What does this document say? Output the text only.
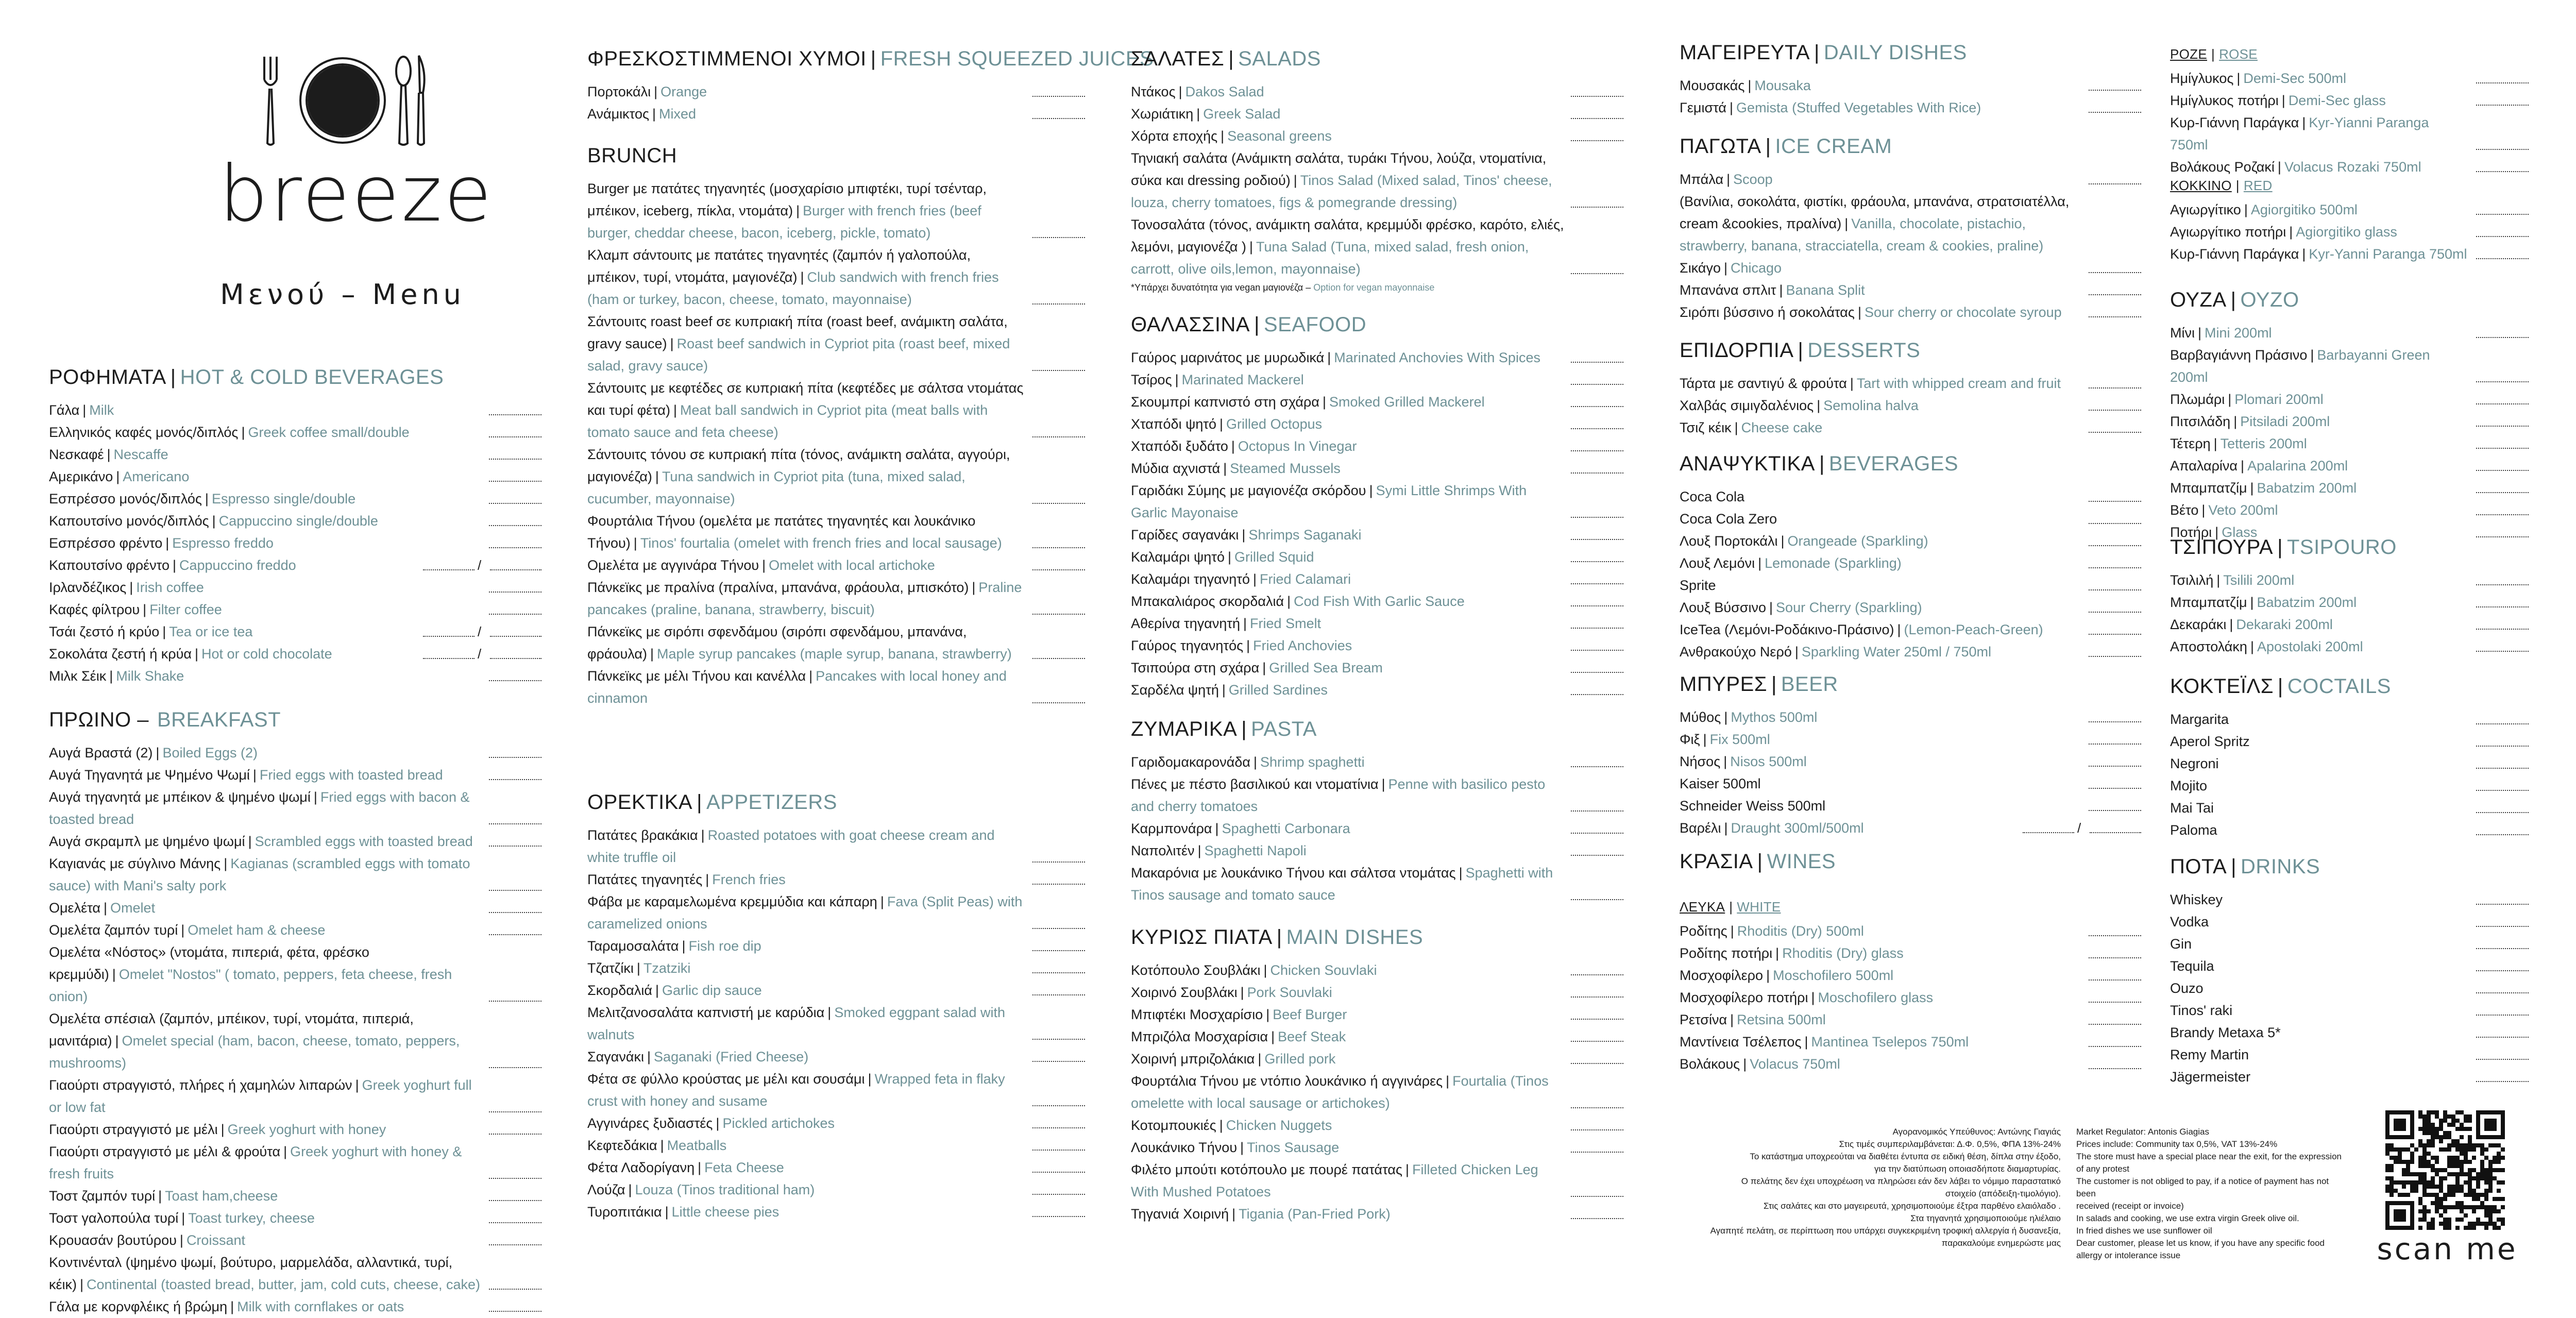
breeze
Μενού – Menu
ΡΟΦΗΜΑΤΑ | HOT & COLD BEVERAGES
Γάλα | Milk
Ελληνικός καφές μονός/διπλός | Greek coffee small/double
Νεσκαφέ | Nescaffe
Αμερικάνο | Americano
Εσπρέσσο μονός/διπλός | Espresso single/double
Καπουτσίνο μονός/διπλός | Cappuccino single/double
Εσπρέσσο φρέντο | Espresso freddo
Καπουτσίνο φρέντο | Cappuccino freddo	/
Ιρλανδέζικος | Irish coffee
Καφές φίλτρου | Filter coffee
Τσάι ζεστό ή κρύο | Tea or ice tea	/
Σοκολάτα ζεστή ή κρύα | Hot or cold chocolate	/
Μιλκ Σέικ | Milk Shake
ΠΡΩΙΝΟ – BREAKFAST
Αυγά Βραστά (2) | Boiled Eggs (2)
Αυγά Τηγανητά με Ψημένο Ψωμί | Fried eggs with toasted bread
Αυγά τηγανητά με μπέικον & ψημένο ψωμί | Fried eggs with bacon & toasted bread
Αυγά σκραμπλ με ψημένο ψωμί | Scrambled eggs with toasted bread
Καγιανάς με σύγλινο Μάνης | Kagianas (scrambled eggs with tomato sauce) with Mani's salty pork
Ομελέτα | Omelet
Ομελέτα ζαμπόν τυρί | Omelet ham & cheese
Ομελέτα «Νόστος» (ντομάτα, πιπεριά, φέτα, φρέσκο κρεμμύδι) | Omelet "Nostos" ( tomato, peppers, feta cheese, fresh onion)
Ομελέτα σπέσιαλ (ζαμπόν, μπέικον, τυρί, ντομάτα, πιπεριά, μανιτάρια) | Omelet special (ham, bacon, cheese, tomato, peppers, mushrooms)
Γιαούρτι στραγγιστό, πλήρες ή χαμηλών λιπαρών | Greek yoghurt full or low fat
Γιαούρτι στραγγιστό με μέλι | Greek yoghurt with honey
Γιαούρτι στραγγιστό με μέλι & φρούτα | Greek yoghurt with honey & fresh fruits
Τοστ ζαμπόν τυρί | Toast ham,cheese
Τοστ γαλοπούλα τυρί | Toast turkey, cheese
Κρουασάν βουτύρου | Croissant
Κοντινένταλ (ψημένο ψωμί, βούτυρο, μαρμελάδα, αλλαντικά, τυρί, κέικ) | Continental (toasted bread, butter, jam, cold cuts, cheese, cake)
Γάλα με κορνφλέικς ή βρώμη | Milk with cornflakes or oats
ΦΡΕΣΚΟΣΤΙΜΜΕΝΟΙ ΧΥΜΟΙ | FRESH SQUEEZED JUICES
Πορτοκάλι | Orange
Ανάμικτος | Mixed
BRUNCH
Burger με πατάτες τηγανητές (μοσχαρίσιο μπιφτέκι, τυρί τσένταρ, μπέικον, iceberg, πίκλα, ντομάτα) | Burger with french fries (beef burger, cheddar cheese, bacon, iceberg, pickle, tomato)
Κλαμπ σάντουιτς με πατάτες τηγανητές (ζαμπόν ή γαλοπούλα, μπέικον, τυρί, ντομάτα, μαγιονέζα) | Club sandwich with french fries (ham or turkey, bacon, cheese, tomato, mayonnaise)
Σάντουιτς roast beef σε κυπριακή πίτα (roast beef, ανάμικτη σαλάτα, gravy sauce) | Roast beef sandwich in Cypriot pita (roast beef, mixed salad, gravy sauce)
Σάντουιτς με κεφτέδες σε κυπριακή πίτα (κεφτέδες με σάλτσα ντομάτας και τυρί φέτα) | Meat ball sandwich in Cypriot pita (meat balls with tomato sauce and feta cheese)
Σάντουιτς τόνου σε κυπριακή πίτα (τόνος, ανάμικτη σαλάτα, αγγούρι, μαγιονέζα) | Tuna sandwich in Cypriot pita (tuna, mixed salad, cucumber, mayonnaise)
Φουρτάλια Τήνου (ομελέτα με πατάτες τηγανητές και λουκάνικο Τήνου) | Tinos' fourtalia (omelet with french fries and local sausage)
Ομελέτα με αγγινάρα Τήνου | Omelet with local artichoke
Πάνκεϊκς με πραλίνα (πραλίνα, μπανάνα, φράουλα, μπισκότο) | Praline pancakes (praline, banana, strawberry, biscuit)
Πάνκεϊκς με σιρόπι σφενδάμου (σιρόπι σφενδάμου, μπανάνα, φράουλα) | Maple syrup pancakes (maple syrup, banana, strawberry)
Πάνκεϊκς με μέλι Τήνου και κανέλλα | Pancakes with local honey and cinnamon
ΟΡΕΚΤΙΚΑ | APPETIZERS
Πατάτες βρακάκια | Roasted potatoes with goat cheese cream and white truffle oil
Πατάτες τηγανητές | French fries
Φάβα με καραμελωμένα κρεμμύδια και κάπαρη | Fava (Split Peas) with caramelized onions
Ταραμοσαλάτα | Fish roe dip
Τζατζίκι | Tzatziki
Σκορδαλιά | Garlic dip sauce
Μελιτζανοσαλάτα καπνιστή με καρύδια | Smoked eggpant salad with walnuts
Σαγανάκι | Saganaki (Fried Cheese)
Φέτα σε φύλλο κρούστας με μέλι και σουσάμι | Wrapped feta in flaky crust with honey and susame
Αγγινάρες ξυδιαστές | Pickled artichokes
Κεφτεδάκια | Meatballs
Φέτα Λαδορίγανη | Feta Cheese
Λούζα | Louza (Tinos traditional ham)
Τυροπιτάκια | Little cheese pies
ΣΑΛΑΤΕΣ | SALADS
Ντάκος | Dakos Salad
Χωριάτικη | Greek Salad
Χόρτα εποχής | Seasonal greens
Τηνιακή σαλάτα (Ανάμικτη σαλάτα, τυράκι Τήνου, λούζα, ντοματίνια, σύκα και dressing ροδιού) | Tinos Salad (Mixed salad, Tinos' cheese, louza, cherry tomatoes, figs & pomegrande dressing)
Τονοσαλάτα (τόνος, ανάμικτη σαλάτα, κρεμμύδι φρέσκο, καρότο, ελιές, λεμόνι, μαγιονέζα ) | Tuna Salad (Tuna, mixed salad, fresh onion, carrott, olive oils,lemon, mayonnaise)
*Υπάρχει δυνατότητα για vegan μαγιονέζα – Option for vegan mayonnaise
ΘΑΛΑΣΣΙΝΑ | SEAFOOD
Γαύρος μαρινάτος με μυρωδικά | Marinated Anchovies With Spices
Τσίρος | Marinated Mackerel
Σκουμπρί καπνιστό στη σχάρα | Smoked Grilled Mackerel
Χταπόδι ψητό | Grilled Octopus
Χταπόδι ξυδάτο | Octopus In Vinegar
Μύδια αχνιστά | Steamed Mussels
Γαριδάκι Σύμης με μαγιονέζα σκόρδου | Symi Little Shrimps With Garlic Mayonaise
Γαρίδες σαγανάκι | Shrimps Saganaki
Καλαμάρι ψητό | Grilled Squid
Καλαμάρι τηγανητό | Fried Calamari
Μπακαλιάρος σκορδαλιά | Cod Fish With Garlic Sauce
Αθερίνα τηγανητή | Fried Smelt
Γαύρος τηγανητός | Fried Anchovies
Τσιπούρα στη σχάρα | Grilled Sea Bream
Σαρδέλα ψητή | Grilled Sardines
ΖΥΜΑΡΙΚΑ | PASTA
Γαριδομακαρονάδα | Shrimp spaghetti
Πένες με πέστο βασιλικού και ντοματίνια | Penne with basilico pesto and cherry tomatoes
Καρμπονάρα | Spaghetti Carbonara
Ναπολιτέν | Spaghetti Napoli
Μακαρόνια με λουκάνικο Τήνου και σάλτσα ντομάτας | Spaghetti with Tinos sausage and tomato sauce
ΚΥΡΙΩΣ ΠΙΑΤΑ | MAIN DISHES
Κοτόπουλο Σουβλάκι | Chicken Souvlaki
Χοιρινό Σουβλάκι | Pork Souvlaki
Μπιφτέκι Μοσχαρίσιο | Beef Burger
Μπριζόλα Μοσχαρίσια | Beef Steak
Χοιρινή μπριζολάκια | Grilled pork
Φουρτάλια Τήνου με ντόπιο λουκάνικο ή αγγινάρες | Fourtalia (Tinos omelette with local sausage or artichokes)
Κοτομπουκιές | Chicken Nuggets
Λουκάνικο Τήνου | Tinos Sausage
Φιλέτο μπούτι κοτόπουλο με πουρέ πατάτας | Filleted Chicken Leg With Mushed Potatoes
Τηγανιά Χοιρινή | Tigania (Pan-Fried Pork)
ΜΑΓΕΙΡΕΥΤΑ | DAILY DISHES
Μουσακάς | Mousaka
Γεμιστά | Gemista (Stuffed Vegetables With Rice)
ΠΑΓΩΤΑ | ICE CREAM
Μπάλα | Scoop
(Βανίλια, σοκολάτα, φιστίκι, φράουλα, μπανάνα, στρατσιατέλλα, cream &cookies, πραλίνα) | Vanilla, chocolate, pistachio, strawberry, banana, stracciatella, cream & cookies, praline)
Σικάγο | Chicago
Μπανάνα σπλιτ | Banana Split
Σιρόπι βύσσινο ή σοκολάτας | Sour cherry or chocolate syroup
ΕΠΙΔΟΡΠΙΑ | DESSERTS
Τάρτα με σαντιγύ & φρούτα | Tart with whipped cream and fruit
Χαλβάς σιμιγδαλένιος | Semolina halva
Τσιζ κέικ | Cheese cake
ΑΝΑΨΥΚΤΙΚΑ | BEVERAGES
Coca Cola
Coca Cola Zero
Λουξ Πορτοκάλι | Orangeade (Sparkling)
Λουξ Λεμόνι | Lemonade (Sparkling)
Sprite
Λουξ Βύσσινο | Sour Cherry (Sparkling)
IceTea (Λεμόνι-Ροδάκινο-Πράσινο) | (Lemon-Peach-Green)
Ανθρακούχο Νερό | Sparkling Water 250ml / 750ml
ΜΠΥΡΕΣ | BEER
Μύθος | Mythos 500ml
Φιξ | Fix 500ml
Νήσος | Nisos 500ml
Kaiser 500ml
Schneider Weiss 500ml
Βαρέλι | Draught 300ml/500ml	/
ΚΡΑΣΙΑ | WINES
ΛΕΥΚΑ | WHITE
Ροδίτης | Rhoditis (Dry) 500ml
Ροδίτης ποτήρι | Rhoditis (Dry) glass
Μοσχοφίλερο | Moschofilero 500ml
Μοσχοφίλερο ποτήρι | Moschofilero glass
Ρετσίνα | Retsina 500ml
Μαντίνεια Τσέλεπος | Mantinea Tselepos 750ml
Βολάκους | Volacus 750ml
ΡΟΖΕ | ROSE
Ημίγλυκος | Demi-Sec 500ml
Ημίγλυκος ποτήρι | Demi-Sec glass
Κυρ-Γιάννη Παράγκα | Kyr-Yianni Paranga 750ml
Βολάκους Ροζακί | Volacus Rozaki 750ml
ΚΟΚΚΙΝΟ | RED
Αγιωργίτικο | Agiorgitiko 500ml
Αγιωργίτικο ποτήρι | Agiorgitiko glass
Κυρ-Γιάννη Παράγκα | Kyr-Yanni Paranga 750ml
ΟΥΖΑ | ΟΥΖΟ
Μίνι | Mini 200ml
Βαρβαγιάννη Πράσινο | Barbayanni Green 200ml
Πλωμάρι | Plomari 200ml
Πιτσιλάδη | Pitsiladi 200ml
Τέτερη | Tetteris 200ml
Απαλαρίνα | Apalarina 200ml
Μπαμπατζίμ | Babatzim 200ml
Βέτο | Veto 200ml
Ποτήρι | Glass
ΤΣΙΠΟΥΡΑ | TSIPOURO
Τσιλιλή | Tsilili 200ml
Μπαμπατζίμ | Babatzim 200ml
Δεκαράκι | Dekaraki 200ml
Αποστολάκη | Apostolaki 200ml
ΚΟΚΤΕΪΛΣ | COCTAILS
Margarita
Aperol Spritz
Negroni
Mojito
Mai Tai
Paloma
ΠΟΤΑ | DRINKS
Whiskey
Vodka
Gin
Tequila
Ouzo
Tinos' raki
Brandy Metaxa 5*
Remy Martin
Jägermeister
Αγορανομικός Υπεύθυνος: Αντώνης Γιαγιάς
Στις τιμές συμπεριλαμβάνεται: Δ.Φ. 0,5%, ΦΠΑ 13%-24%
Το κατάστημα υποχρεούται να διαθέτει έντυπα σε ειδική θέση, δίπλα στην έξοδο,
για την διατύπωση οποιασδήποτε διαμαρτυρίας.
Ο πελάτης δεν έχει υποχρέωση να πληρώσει εάν δεν λάβει το νόμιμο παραστατικό
στοιχείο (απόδειξη-τιμολόγιο).
Στις σαλάτες και στο μαγειρευτά, χρησιμοποιούμε έξτρα παρθένο ελαιόλαδο .
Στα τηγανητά χρησιμοποιούμε ηλιέλαιο
Αγαπητέ πελάτη, σε περίπτωση που υπάρχει συγκεκριμένη τροφική αλλεργία ή δυσανεξία,
παρακαλούμε ενημερώστε μας
Market Regulator: Antonis Giagias
Prices include: Community tax 0,5%, VAT 13%-24%
The store must have a special place near the exit, for the expression
of any protest
The customer is not obliged to pay, if a notice of payment has not been
received (receipt or invoice)
In salads and cooking, we use extra virgin Greek olive oil.
In fried dishes we use sunflower oil
Dear customer, please let us know, if you have any specific food
allergy or intolerance issue	scan me
